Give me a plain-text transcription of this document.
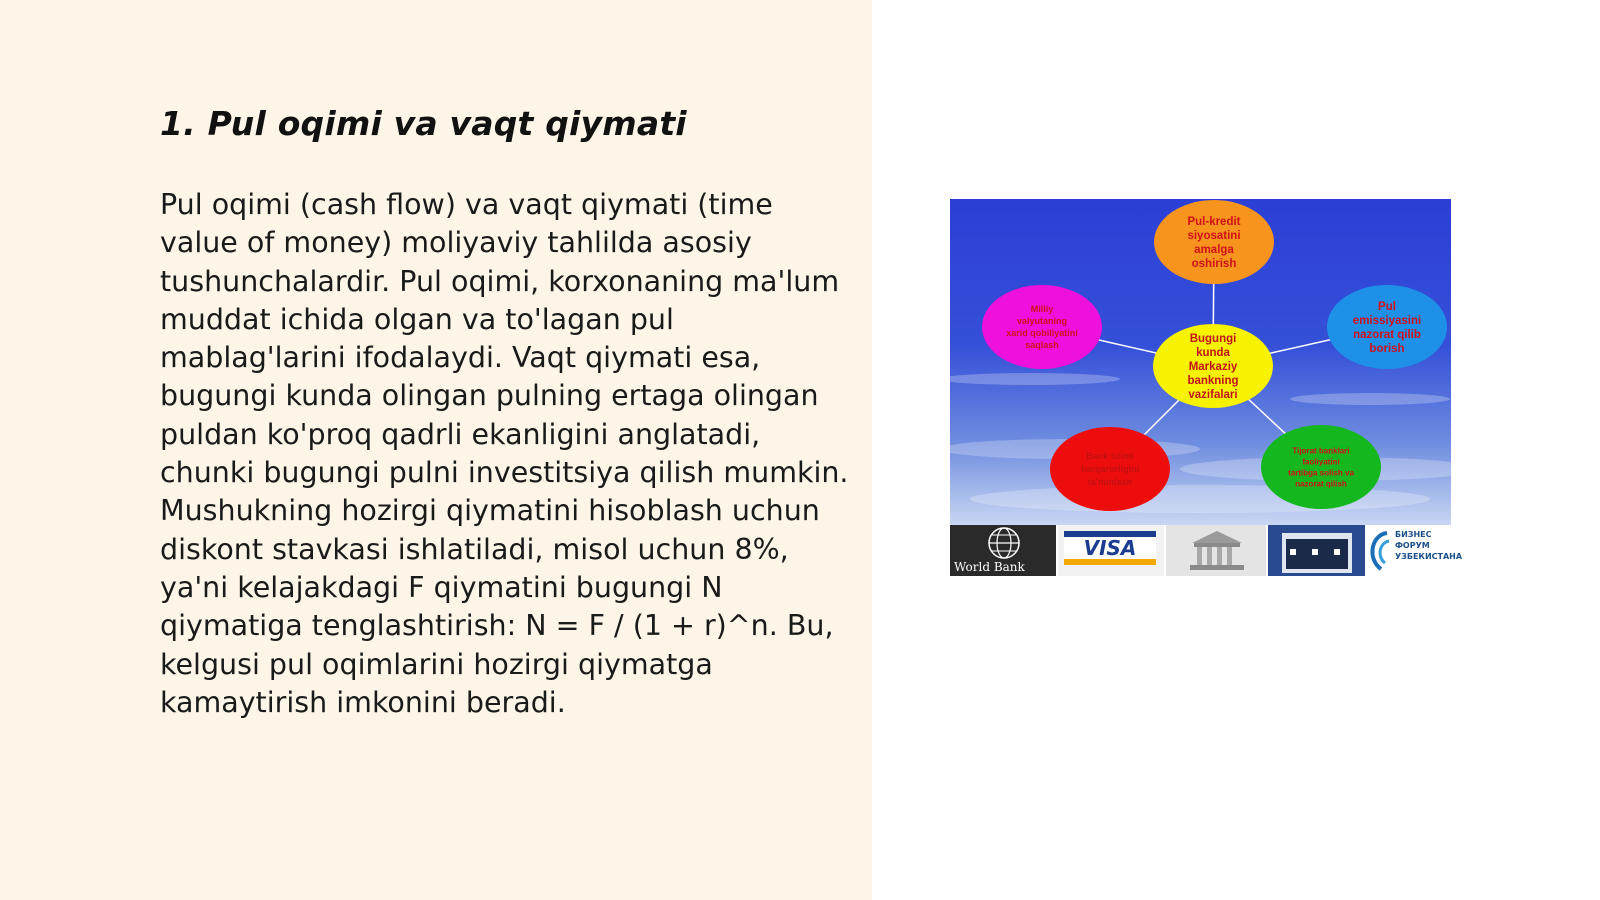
1. Pul oqimi va vaqt qiymati

Pul oqimi (cash flow) va vaqt qiymati (time value of money) moliyaviy tahlilda asosiy tushunchalardir. Pul oqimi, korxonaning ma'lum muddat ichida olgan va to'lagan pul mablag'larini ifodalaydi. Vaqt qiymati esa, bugungi kunda olingan pulning ertaga olingan puldan ko'proq qadrli ekanligini anglatadi, chunki bugungi pulni investitsiya qilish mumkin. Mushukning hozirgi qiymatini hisoblash uchun diskont stavkasi ishlatiladi, misol uchun 8%, ya'ni kelajakdagi F qiymatini bugungi N qiymatiga tenglashtirish: N = F / (1 + r)^n. Bu, kelgusi pul oqimlarini hozirgi qiymatga kamaytirish imkonini beradi.

Pul-kredit
siyosatini
amalga
oshirish
Pul
emissiyasini
nazorat qilib
borish
Milliy
valyutaning
xarid qobiliyatini
saqlash
Bank tizimi
barqarorligini
ta'minlash
Tijorat banklari
faoliyatini
tartibga solish va
nazorat qilish
Bugungi
kunda
Markaziy
bankning
vazifalari
World Bank
VISA
БИЗНЕС ФОРУМ УЗБЕКИСТАНА
